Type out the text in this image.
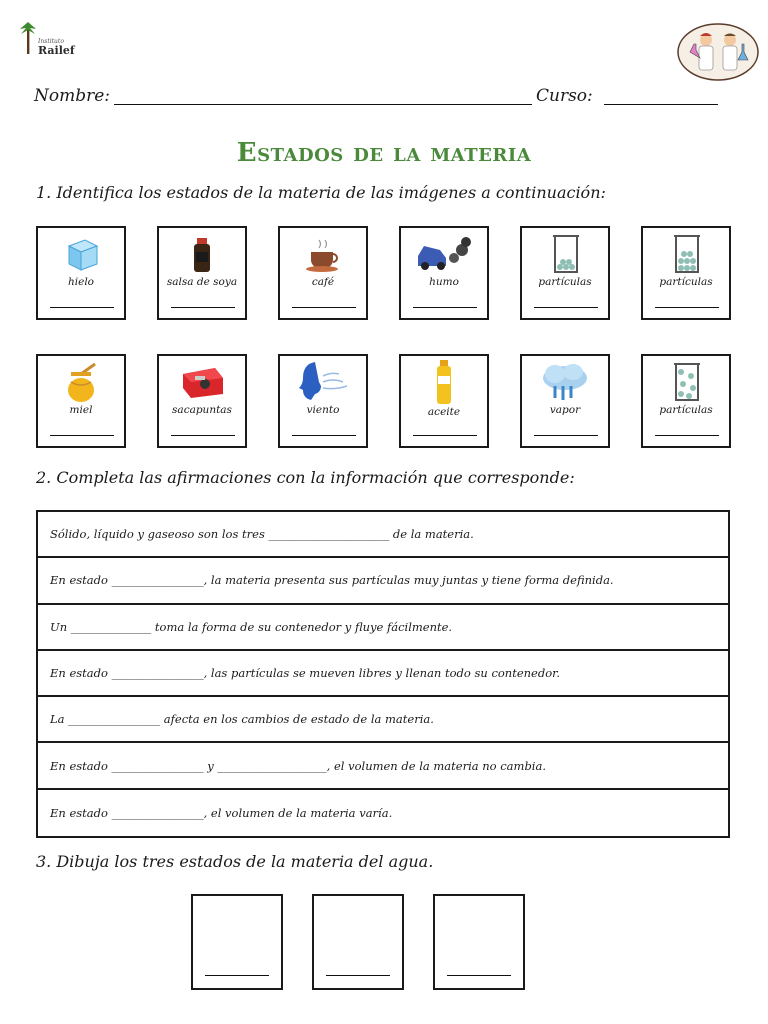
Instituto
Railef
Nombre:	Curso:
Estados de la materia
1. Identifica los estados de la materia de las imágenes a continuación:
hielo	salsa de soya	café	humo	partículas	partículas
miel	sacapuntas	viento	aceite	vapor	partículas
2. Completa las afirmaciones con la información que corresponde:
Sólido, líquido y gaseoso son los tres _____________________ de la materia.
En estado ________________, la materia presenta sus partículas muy juntas y tiene forma definida.
Un ______________ toma la forma de su contenedor y fluye fácilmente.
En estado ________________, las partículas se mueven libres y llenan todo su contenedor.
La ________________ afecta en los cambios de estado de la materia.
En estado ________________ y ___________________, el volumen de la materia no cambia.
En estado ________________, el volumen de la materia varía.
3. Dibuja los tres estados de la materia del agua.
